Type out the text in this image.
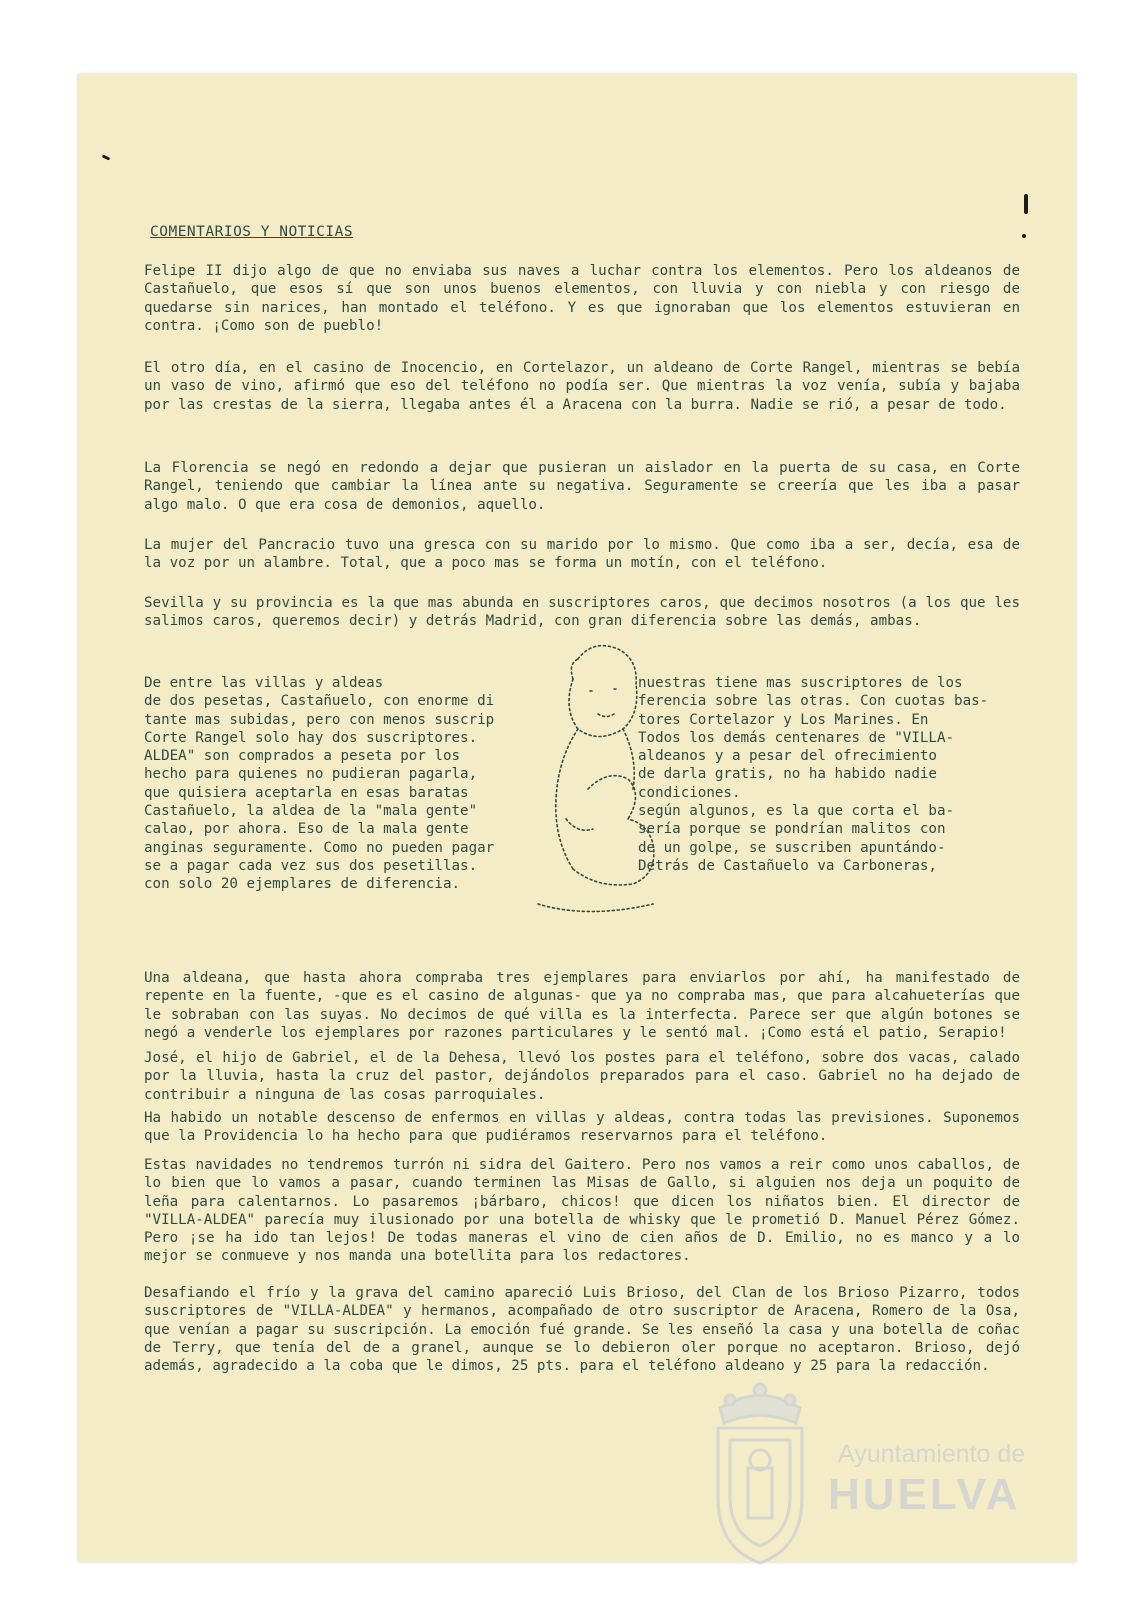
COMENTARIOS Y NOTICIAS

Felipe II dijo algo de que no enviaba sus naves a luchar contra los elementos. Pero los aldeanos de Castañuelo, que esos sí que son unos buenos elementos, con lluvia y con niebla y con riesgo de quedarse sin narices, han montado el teléfono. Y es que ignoraban que los elementos estuvieran en contra. ¡Como son de pueblo!

El otro día, en el casino de Inocencio, en Cortelazor, un aldeano de Corte Rangel, mientras se bebía un vaso de vino, afirmó que eso del teléfono no podía ser. Que mientras la voz venía, subía y bajaba por las crestas de la sierra, llegaba antes él a Aracena con la burra. Nadie se rió, a pesar de todo.

La Florencia se negó en redondo a dejar que pusieran un aislador en la puerta de su casa, en Corte Rangel, teniendo que cambiar la línea ante su negativa. Seguramente se creería que les iba a pasar algo malo. O que era cosa de demonios, aquello.

La mujer del Pancracio tuvo una gresca con su marido por lo mismo. Que como iba a ser, decía, esa de la voz por un alambre. Total, que a poco mas se forma un motín, con el teléfono.

Sevilla y su provincia es la que mas abunda en suscriptores caros, que decimos nosotros (a los que les salimos caros, queremos decir) y detrás Madrid, con gran diferencia sobre las demás, ambas.

De entre las villas y aldeas
de dos pesetas, Castañuelo, con enorme di
tante mas subidas, pero con menos suscrip
Corte Rangel solo hay dos suscriptores.
ALDEA" son comprados a peseta por los
hecho para quienes no pudieran pagarla,
que quisiera aceptarla en esas baratas
Castañuelo, la aldea de la "mala gente"
calao, por ahora. Eso de la mala gente
anginas seguramente. Como no pueden pagar
se a pagar cada vez sus dos pesetillas.
con solo 20 ejemplares de diferencia.
nuestras tiene mas suscriptores de los
ferencia sobre las otras. Con cuotas bas-
tores Cortelazor y Los Marines. En
Todos los demás centenares de "VILLA-
aldeanos y a pesar del ofrecimiento
de darla gratis, no ha habido nadie
condiciones.
según algunos, es la que corta el ba-
sería porque se pondrían malitos con
de un golpe, se suscriben apuntándo-
Detrás de Castañuelo va Carboneras,

Una aldeana, que hasta ahora compraba tres ejemplares para enviarlos por ahí, ha manifestado de repente en la fuente, -que es el casino de algunas- que ya no compraba mas, que para alcahueterías que le sobraban con las suyas. No decimos de qué villa es la interfecta. Parece ser que algún botones se negó a venderle los ejemplares por razones particulares y le sentó mal. ¡Como está el patio, Serapio!

José, el hijo de Gabriel, el de la Dehesa, llevó los postes para el teléfono, sobre dos vacas, calado por la lluvia, hasta la cruz del pastor, dejándolos preparados para el caso. Gabriel no ha dejado de contribuir a ninguna de las cosas parroquiales.

Ha habido un notable descenso de enfermos en villas y aldeas, contra todas las previsiones. Suponemos que la Providencia lo ha hecho para que pudiéramos reservarnos para el teléfono.

Estas navidades no tendremos turrón ni sidra del Gaitero. Pero nos vamos a reir como unos caballos, de lo bien que lo vamos a pasar, cuando terminen las Misas de Gallo, si alguien nos deja un poquito de leña para calentarnos. Lo pasaremos ¡bárbaro, chicos! que dicen los niñatos bien. El director de "VILLA-ALDEA" parecía muy ilusionado por una botella de whisky que le prometió D. Manuel Pérez Gómez. Pero ¡se ha ido tan lejos! De todas maneras el vino de cien años de D. Emilio, no es manco y a lo mejor se conmueve y nos manda una botellita para los redactores.

Desafiando el frío y la grava del camino apareció Luis Brioso, del Clan de los Brioso Pizarro, todos suscriptores de "VILLA-ALDEA" y hermanos, acompañado de otro suscriptor de Aracena, Romero de la Osa, que venían a pagar su suscripción. La emoción fué grande. Se les enseñó la casa y una botella de coñac de Terry, que tenía del de a granel, aunque se lo debieron oler porque no aceptaron. Brioso, dejó además, agradecido a la coba que le dimos, 25 pts. para el teléfono aldeano y 25 para la redacción.

Ayuntamiento de
HUELVA
